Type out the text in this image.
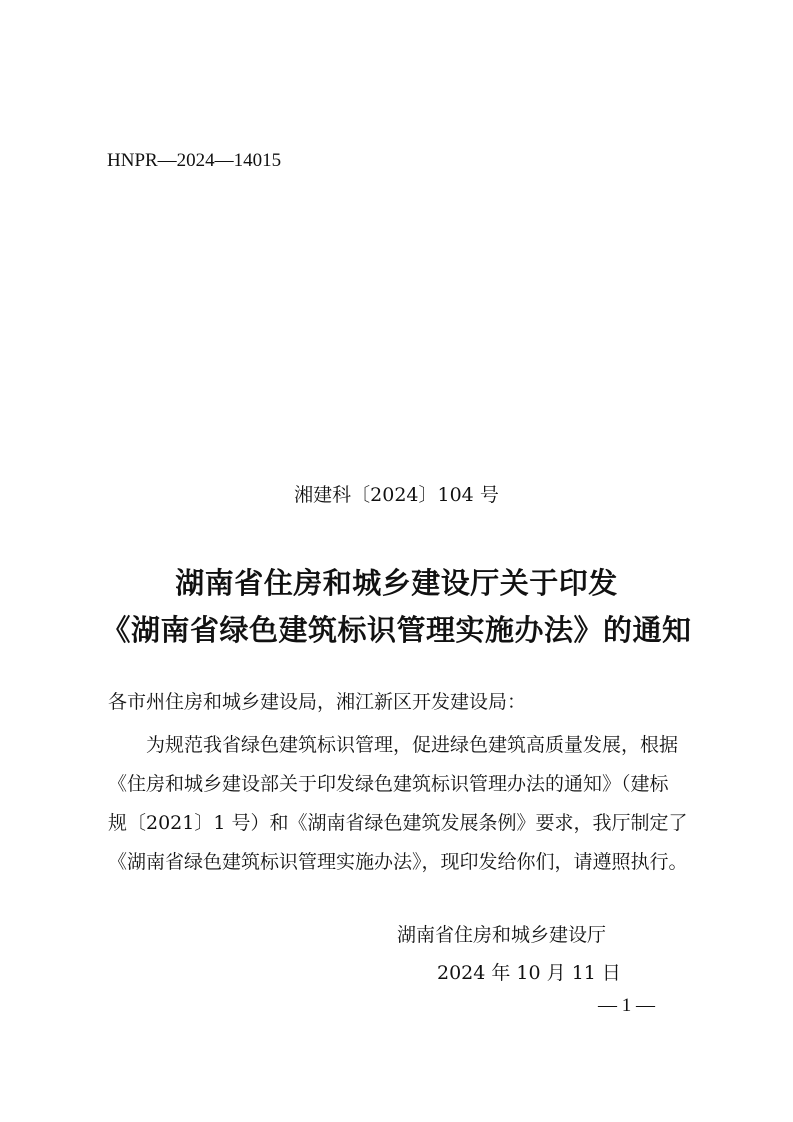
HNPR—2024—14015
湘建科〔2024〕104 号
湖南省住房和城乡建设厅关于印发
《湖南省绿色建筑标识管理实施办法》的通知
各市州住房和城乡建设局，湘江新区开发建设局：
　　为规范我省绿色建筑标识管理，促进绿色建筑高质量发展，根据
《住房和城乡建设部关于印发绿色建筑标识管理办法的通知》（建标
规〔2021〕1 号）和《湖南省绿色建筑发展条例》要求，我厅制定了
《湖南省绿色建筑标识管理实施办法》，现印发给你们，请遵照执行。
湖南省住房和城乡建设厅
2024 年 10 月 11 日
— 1 —
